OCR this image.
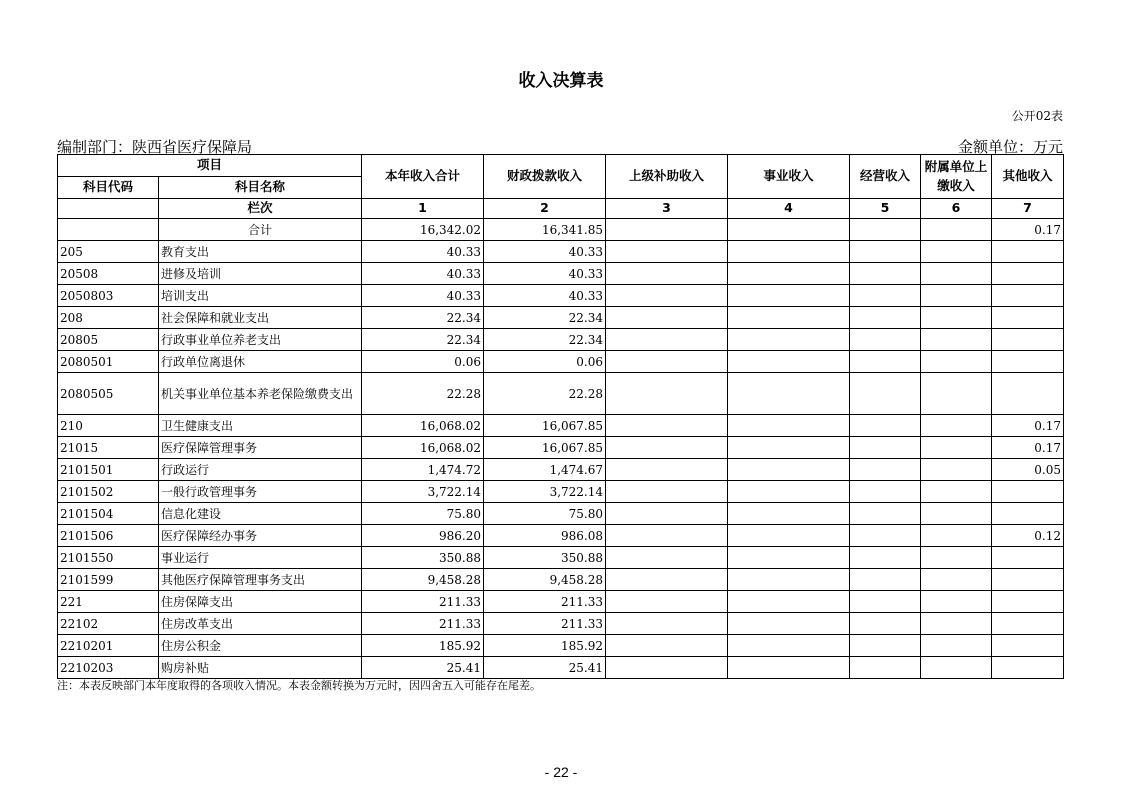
收入决算表
公开02表
编制部门：陕西省医疗保障局	金额单位：万元
项目		本年收入合计	财政拨款收入	上级补助收入	事业收入	经营收入	附属单位上缴收入	其他收入
科目代码	科目名称							
	栏次	1	2	3	4	5	6	7
	合计	16,342.02	16,341.85					0.17
205	教育支出	40.33	40.33					
20508	进修及培训	40.33	40.33					
2050803	培训支出	40.33	40.33					
208	社会保障和就业支出	22.34	22.34					
20805	行政事业单位养老支出	22.34	22.34					
2080501	行政单位离退休	0.06	0.06					
2080505	机关事业单位基本养老保险缴费支出	22.28	22.28					
210	卫生健康支出	16,068.02	16,067.85					0.17
21015	医疗保障管理事务	16,068.02	16,067.85					0.17
2101501	行政运行	1,474.72	1,474.67					0.05
2101502	一般行政管理事务	3,722.14	3,722.14					
2101504	信息化建设	75.80	75.80					
2101506	医疗保障经办事务	986.20	986.08					0.12
2101550	事业运行	350.88	350.88					
2101599	其他医疗保障管理事务支出	9,458.28	9,458.28					
221	住房保障支出	211.33	211.33					
22102	住房改革支出	211.33	211.33					
2210201	住房公积金	185.92	185.92					
2210203	购房补贴	25.41	25.41					
注：本表反映部门本年度取得的各项收入情况。本表金额转换为万元时，因四舍五入可能存在尾差。
- 22 -
